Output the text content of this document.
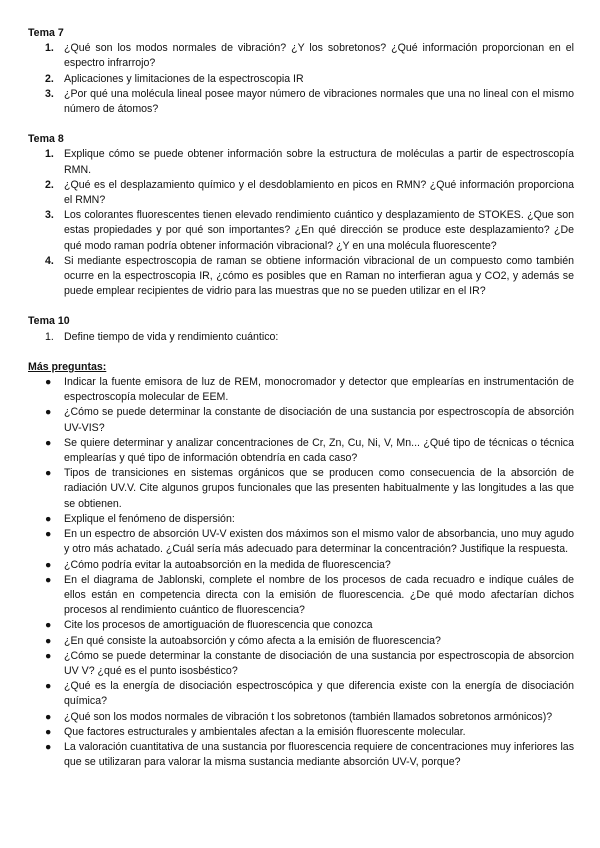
Tema 7

1. ¿Qué son los modos normales de vibración? ¿Y los sobretonos? ¿Qué información proporcionan en el espectro infrarrojo?
2. Aplicaciones y limitaciones de la espectroscopia IR
3. ¿Por qué una molécula lineal posee mayor número de vibraciones normales que una no lineal con el mismo número de átomos?

Tema 8

1. Explique cómo se puede obtener información sobre la estructura de moléculas a partir de espectroscopía RMN.
2. ¿Qué es el desplazamiento químico y el desdoblamiento en picos en RMN? ¿Qué información proporciona el RMN?
3. Los colorantes fluorescentes tienen elevado rendimiento cuántico y desplazamiento de STOKES. ¿Que son estas propiedades y por qué son importantes? ¿En qué dirección se produce este desplazamiento? ¿De qué modo raman podría obtener información vibracional? ¿Y en una molécula fluorescente?
4. Si mediante espectroscopia de raman se obtiene información vibracional de un compuesto como también ocurre en la espectroscopia IR, ¿cómo es posibles que en Raman no interfieran agua y CO2, y además se puede emplear recipientes de vidrio para las muestras que no se pueden utilizar en el IR?

Tema 10

1. Define tiempo de vida y rendimiento cuántico:

Más preguntas:

● Indicar la fuente emisora de luz de REM, monocromador y detector que emplearías en instrumentación de espectroscopía molecular de EEM.
● ¿Cómo se puede determinar la constante de disociación de una sustancia por espectroscopía de absorción UV-VIS?
● Se quiere determinar y analizar concentraciones de Cr, Zn, Cu, Ni, V, Mn... ¿Qué tipo de técnicas o técnica emplearías y qué tipo de información obtendría en cada caso?
● Tipos de transiciones en sistemas orgánicos que se producen como consecuencia de la absorción de radiación UV.V. Cite algunos grupos funcionales que las presenten habitualmente y las longitudes a las que se obtienen.
● Explique el fenómeno de dispersión:
● En un espectro de absorción UV-V existen dos máximos son el mismo valor de absorbancia, uno muy agudo y otro más achatado. ¿Cuál sería más adecuado para determinar la concentración? Justifique la respuesta.
● ¿Cómo podría evitar la autoabsorción en la medida de fluorescencia?
● En el diagrama de Jablonski, complete el nombre de los procesos de cada recuadro e indique cuáles de ellos están en competencia directa con la emisión de fluorescencia. ¿De qué modo afectarían dichos procesos al rendimiento cuántico de fluorescencia?
● Cite los procesos de amortiguación de fluorescencia que conozca
● ¿En qué consiste la autoabsorción y cómo afecta a la emisión de fluorescencia?
● ¿Cómo se puede determinar la constante de disociación de una sustancia por espectroscopia de absorcion UV V? ¿qué es el punto isosbéstico?
● ¿Qué es la energía de disociación espectroscópica y que diferencia existe con la energía de disociación química?
● ¿Qué son los modos normales de vibración t los sobretonos (también llamados sobretonos armónicos)?
● Que factores estructurales y ambientales afectan a la emisión fluorescente molecular.
● La valoración cuantitativa de una sustancia por fluorescencia requiere de concentraciones muy inferiores las que se utilizaran para valorar la misma sustancia mediante absorción UV-V, porque?
